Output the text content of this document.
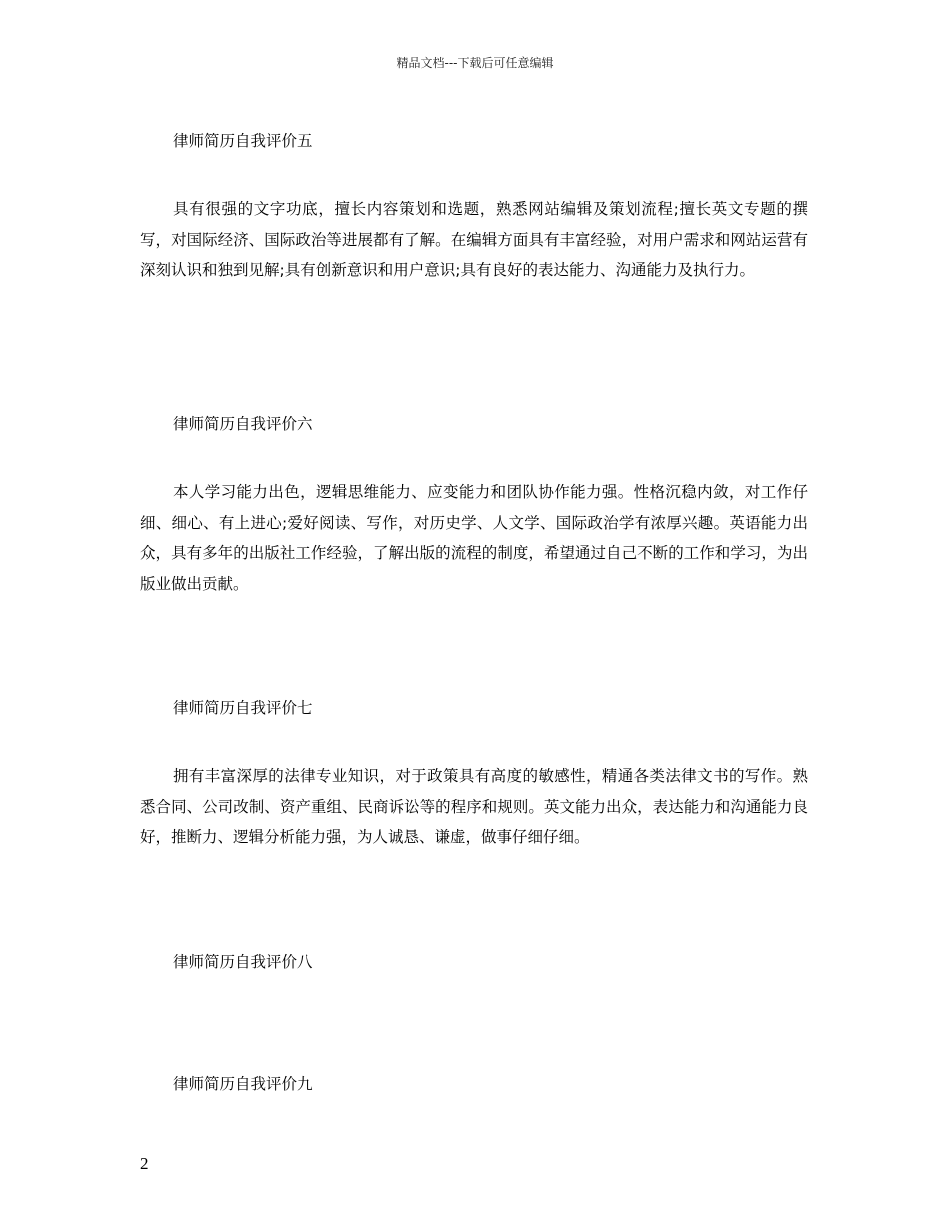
精品文档---下载后可任意编辑
律师简历自我评价五

具有很强的文字功底，擅长内容策划和选题，熟悉网站编辑及策划流程;擅长英文专题的撰写，对国际经济、国际政治等进展都有了解。在编辑方面具有丰富经验，对用户需求和网站运营有深刻认识和独到见解;具有创新意识和用户意识;具有良好的表达能力、沟通能力及执行力。

律师简历自我评价六

本人学习能力出色，逻辑思维能力、应变能力和团队协作能力强。性格沉稳内敛，对工作仔细、细心、有上进心;爱好阅读、写作，对历史学、人文学、国际政治学有浓厚兴趣。英语能力出众，具有多年的出版社工作经验，了解出版的流程的制度，希望通过自己不断的工作和学习，为出版业做出贡献。

律师简历自我评价七

拥有丰富深厚的法律专业知识，对于政策具有高度的敏感性，精通各类法律文书的写作。熟悉合同、公司改制、资产重组、民商诉讼等的程序和规则。英文能力出众，表达能力和沟通能力良好，推断力、逻辑分析能力强，为人诚恳、谦虚，做事仔细仔细。

律师简历自我评价八
律师简历自我评价九
2
